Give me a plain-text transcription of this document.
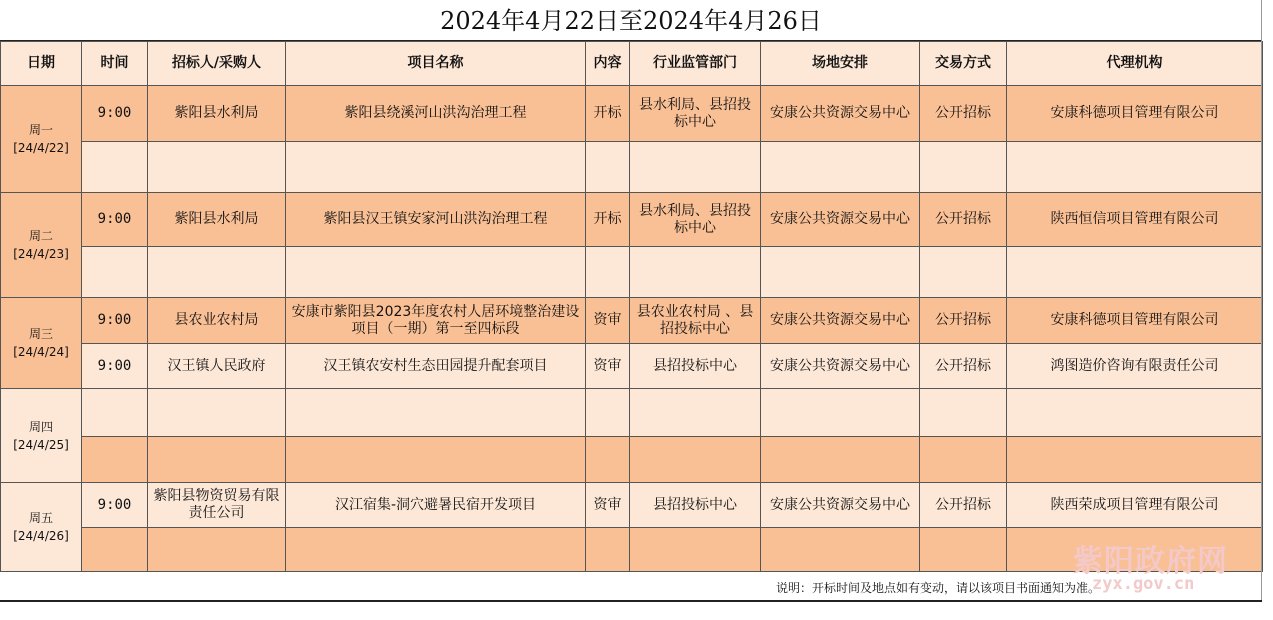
2024年4月22日至2024年4月26日
日期	时间	招标人/采购人	项目名称	内容	行业监管部门	场地安排	交易方式	代理机构
周一
[24/4/22]	9:00	紫阳县水利局	紫阳县绕溪河山洪沟治理工程	开标	县水利局、县招投标中心	安康公共资源交易中心	公开招标	安康科德项目管理有限公司

周二
[24/4/23]	9:00	紫阳县水利局	紫阳县汉王镇安家河山洪沟治理工程	开标	县水利局、县招投标中心	安康公共资源交易中心	公开招标	陕西恒信项目管理有限公司

周三
[24/4/24]	9:00	县农业农村局	安康市紫阳县2023年度农村人居环境整治建设项目（一期）第一至四标段	资审	县农业农村局 、县招投标中心	安康公共资源交易中心	公开招标	安康科德项目管理有限公司
	9:00	汉王镇人民政府	汉王镇农安村生态田园提升配套项目	资审	县招投标中心	安康公共资源交易中心	公开招标	鸿图造价咨询有限责任公司
周四
[24/4/25]								

周五
[24/4/26]	9:00	紫阳县物资贸易有限责任公司	汉江宿集-洞穴避暑民宿开发项目	资审	县招投标中心	安康公共资源交易中心	公开招标	陕西荣成项目管理有限公司

说明：开标时间及地点如有变动，请以该项目书面通知为准。
紫阳政府网
zyx.gov.cn
